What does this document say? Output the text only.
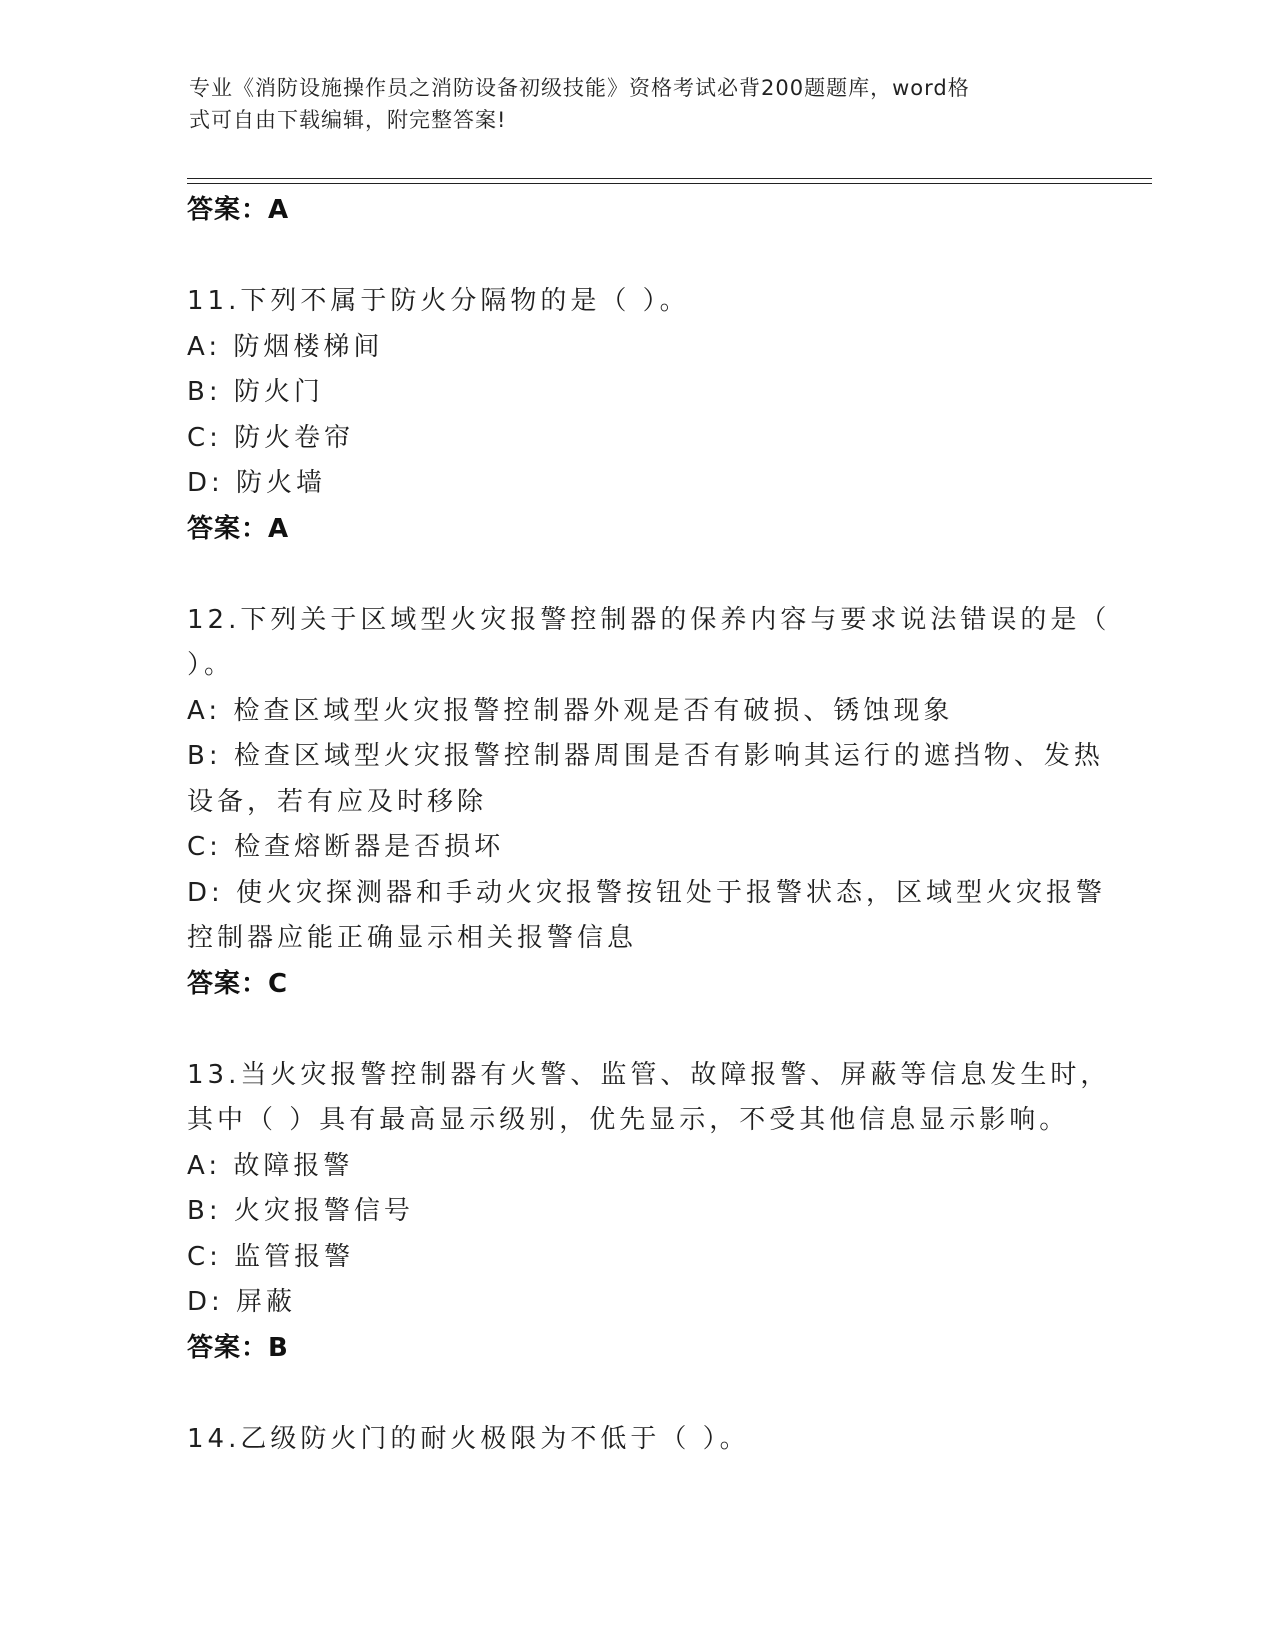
专业《消防设施操作员之消防设备初级技能》资格考试必背200题题库，word格
式可自由下载编辑，附完整答案!
答案：A
11.下列不属于防火分隔物的是（ ）。
A: 防烟楼梯间
B: 防火门
C: 防火卷帘
D: 防火墙
答案：A
12.下列关于区域型火灾报警控制器的保养内容与要求说法错误的是（
）。
A: 检查区域型火灾报警控制器外观是否有破损、锈蚀现象
B: 检查区域型火灾报警控制器周围是否有影响其运行的遮挡物、发热
设备，若有应及时移除
C: 检查熔断器是否损坏
D: 使火灾探测器和手动火灾报警按钮处于报警状态，区域型火灾报警
控制器应能正确显示相关报警信息
答案：C
13.当火灾报警控制器有火警、监管、故障报警、屏蔽等信息发生时，
其中（ ）具有最高显示级别，优先显示，不受其他信息显示影响。
A: 故障报警
B: 火灾报警信号
C: 监管报警
D: 屏蔽
答案：B
14.乙级防火门的耐火极限为不低于（ ）。
